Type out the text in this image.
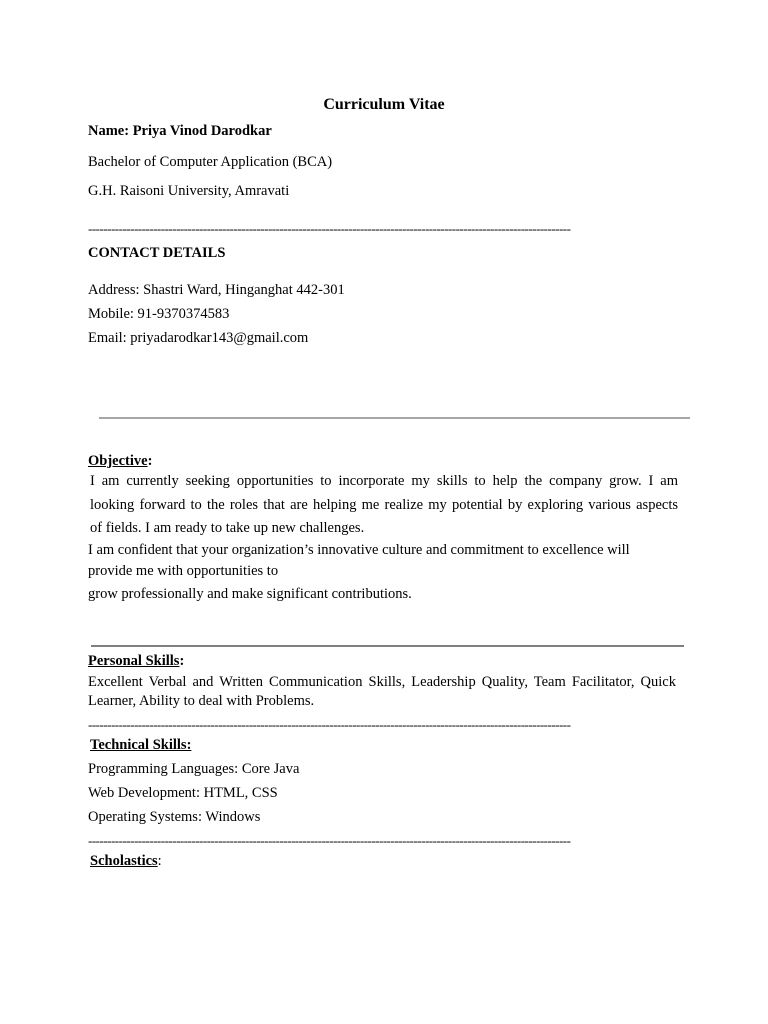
Curriculum Vitae
Name: Priya Vinod Darodkar
Bachelor of Computer Application (BCA)
G.H. Raisoni University, Amravati
------------------------------------------------------------------------------------------------------------------------------
CONTACT DETAILS
Address: Shastri Ward, Hinganghat 442-301
Mobile: 91-9370374583
Email: priyadarodkar143@gmail.com
Objective:
I am currently seeking opportunities to incorporate my skills to help the company grow. I am
looking forward to the roles that are helping me realize my potential by exploring various aspects
of fields. I am ready to take up new challenges.
I am confident that your organization’s innovative culture and commitment to excellence will
provide me with opportunities to
grow professionally and make significant contributions.
Personal Skills:
Excellent Verbal and Written Communication Skills, Leadership Quality, Team Facilitator, Quick
Learner, Ability to deal with Problems.
------------------------------------------------------------------------------------------------------------------------------
Technical Skills:
Programming Languages: Core Java
Web Development: HTML, CSS
Operating Systems: Windows
------------------------------------------------------------------------------------------------------------------------------
Scholastics:
